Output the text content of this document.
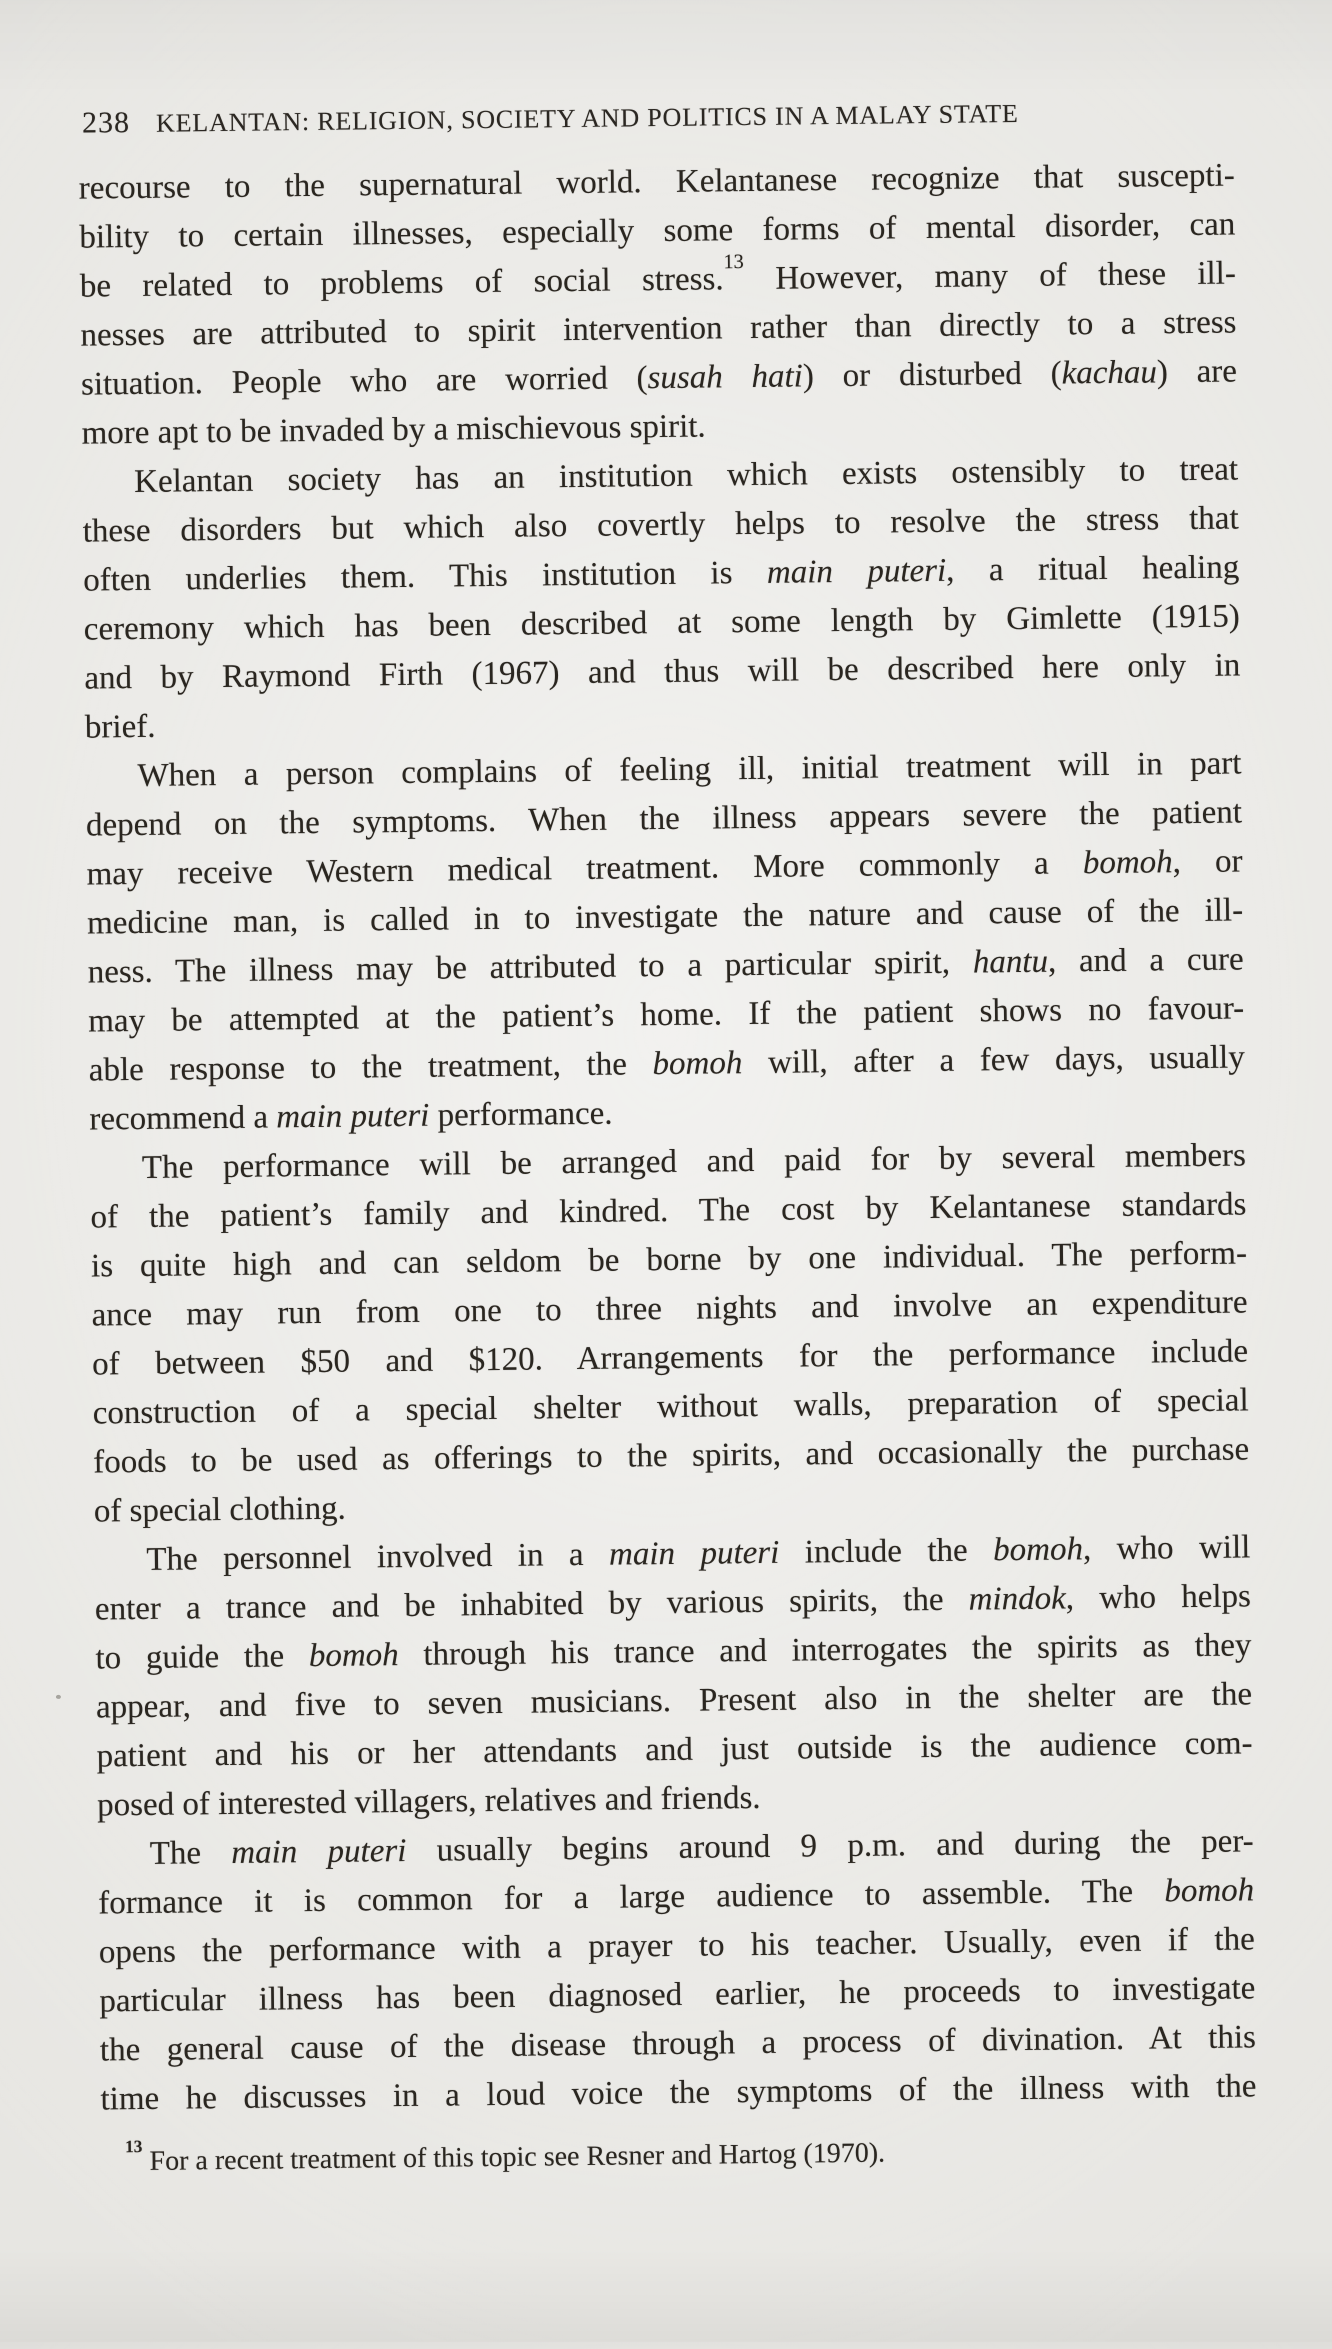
238 KELANTAN: RELIGION, SOCIETY AND POLITICS IN A MALAY STATE
recourse to the supernatural world. Kelantanese recognize that suscepti-
bility to certain illnesses, especially some forms of mental disorder, can
be related to problems of social stress.$^{13}$ However, many of these ill-
nesses are attributed to spirit intervention rather than directly to a stress
situation. People who are worried (susah hati) or disturbed (kachau) are
more apt to be invaded by a mischievous spirit.
Kelantan society has an institution which exists ostensibly to treat
these disorders but which also covertly helps to resolve the stress that
often underlies them. This institution is main puteri, a ritual healing
ceremony which has been described at some length by Gimlette (1915)
and by Raymond Firth (1967) and thus will be described here only in
brief.
When a person complains of feeling ill, initial treatment will in part
depend on the symptoms. When the illness appears severe the patient
may receive Western medical treatment. More commonly a bomoh, or
medicine man, is called in to investigate the nature and cause of the ill-
ness. The illness may be attributed to a particular spirit, hantu, and a cure
may be attempted at the patient’s home. If the patient shows no favour-
able response to the treatment, the bomoh will, after a few days, usually
recommend a main puteri performance.
The performance will be arranged and paid for by several members
of the patient’s family and kindred. The cost by Kelantanese standards
is quite high and can seldom be borne by one individual. The perform-
ance may run from one to three nights and involve an expenditure
of between $50 and $120. Arrangements for the performance include
construction of a special shelter without walls, preparation of special
foods to be used as offerings to the spirits, and occasionally the purchase
of special clothing.
The personnel involved in a main puteri include the bomoh, who will
enter a trance and be inhabited by various spirits, the mindok, who helps
to guide the bomoh through his trance and interrogates the spirits as they
appear, and five to seven musicians. Present also in the shelter are the
patient and his or her attendants and just outside is the audience com-
posed of interested villagers, relatives and friends.
The main puteri usually begins around 9 p.m. and during the per-
formance it is common for a large audience to assemble. The bomoh
opens the performance with a prayer to his teacher. Usually, even if the
particular illness has been diagnosed earlier, he proceeds to investigate
the general cause of the disease through a process of divination. At this
time he discusses in a loud voice the symptoms of the illness with the
$^{13}$ For a recent treatment of this topic see Resner and Hartog (1970).
